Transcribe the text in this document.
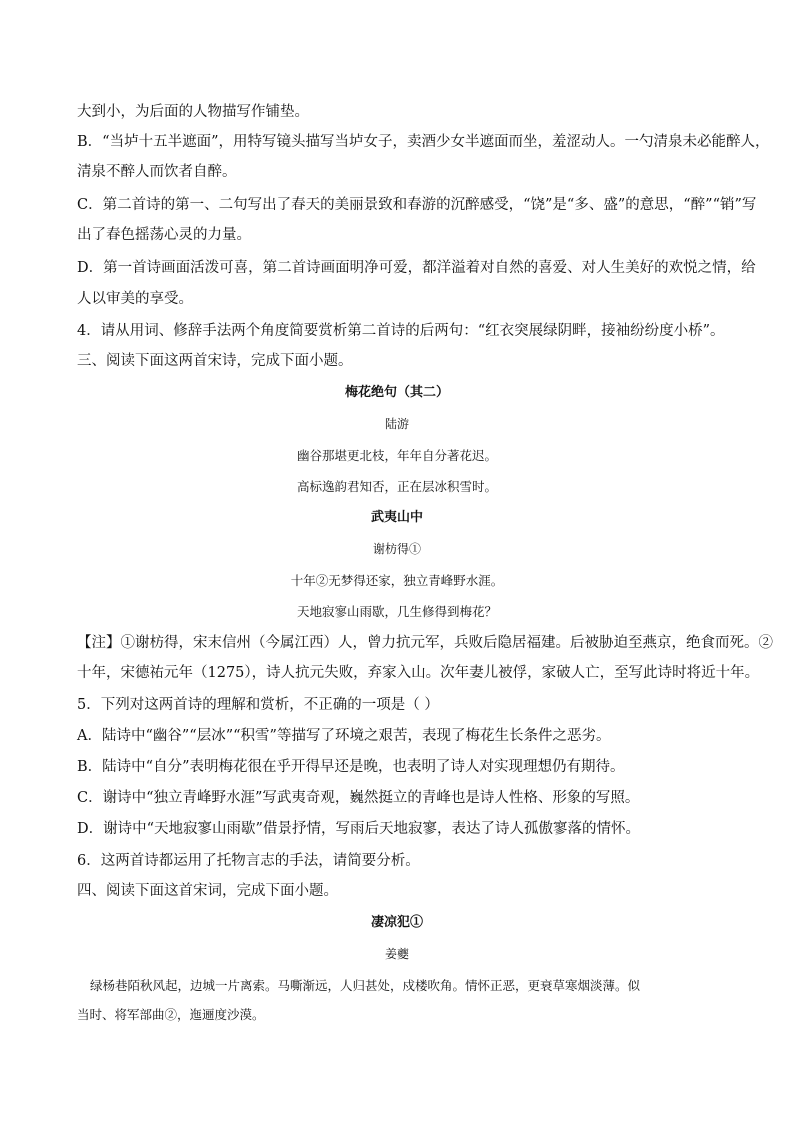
大到小，为后面的人物描写作铺垫。
B．“当垆十五半遮面”，用特写镜头描写当垆女子，卖酒少女半遮面而坐，羞涩动人。一勺清泉未必能醉人，
清泉不醉人而饮者自醉。
C．第二首诗的第一、二句写出了春天的美丽景致和春游的沉醉感受，“饶”是“多、盛”的意思，“醉”“销”写
出了春色摇荡心灵的力量。
D．第一首诗画面活泼可喜，第二首诗画面明净可爱，都洋溢着对自然的喜爱、对人生美好的欢悦之情，给
人以审美的享受。
4．请从用词、修辞手法两个角度简要赏析第二首诗的后两句：“红衣突展绿阴畔，接袖纷纷度小桥”。
三、阅读下面这两首宋诗，完成下面小题。
梅花绝句（其二）
陆游
幽谷那堪更北枝，年年自分著花迟。
高标逸韵君知否，正在层冰积雪时。
武夷山中
谢枋得①
十年②无梦得还家，独立青峰野水涯。
天地寂寥山雨歇，几生修得到梅花？
【注】①谢枋得，宋末信州（今属江西）人，曾力抗元军，兵败后隐居福建。后被胁迫至燕京，绝食而死。②
十年，宋德祐元年（1275），诗人抗元失败，弃家入山。次年妻儿被俘，家破人亡，至写此诗时将近十年。
5．下列对这两首诗的理解和赏析，不正确的一项是（ ）
A．陆诗中“幽谷”“层冰”“积雪”等描写了环境之艰苦，表现了梅花生长条件之恶劣。
B．陆诗中“自分”表明梅花很在乎开得早还是晚，也表明了诗人对实现理想仍有期待。
C．谢诗中“独立青峰野水涯”写武夷奇观，巍然挺立的青峰也是诗人性格、形象的写照。
D．谢诗中“天地寂寥山雨歇”借景抒情，写雨后天地寂寥，表达了诗人孤傲寥落的情怀。
6．这两首诗都运用了托物言志的手法，请简要分析。
四、阅读下面这首宋词，完成下面小题。
凄凉犯①
姜夔
绿杨巷陌秋风起，边城一片离索。马嘶渐远，人归甚处，戍楼吹角。情怀正恶，更衰草寒烟淡薄。似
当时、将军部曲②，迤逦度沙漠。
